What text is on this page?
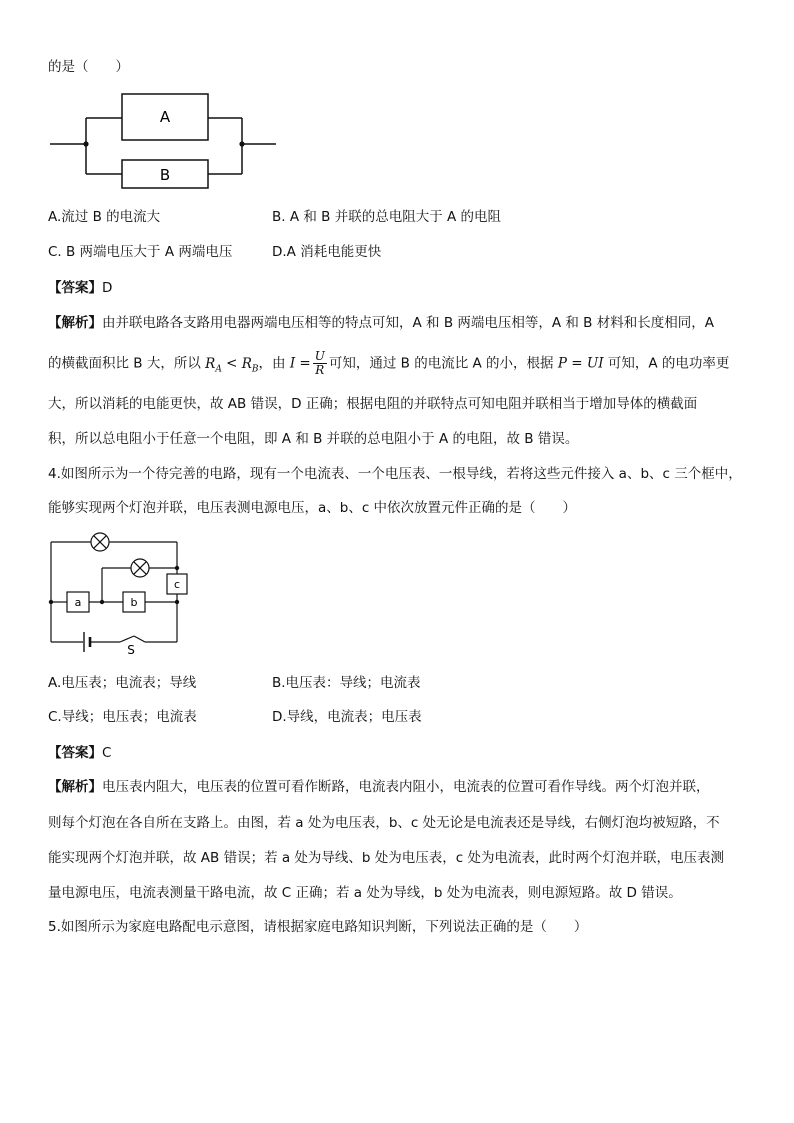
的是（　　）
A
B
A.流过 B 的电流大	B. A 和 B 并联的总电阻大于 A 的电阻
C. B 两端电压大于 A 两端电压	D.A 消耗电能更快
【答案】D
【解析】由并联电路各支路用电器两端电压相等的特点可知，A 和 B 两端电压相等，A 和 B 材料和长度相同，A
的横截面积比 B 大，所以 $R_A < R_B$，由 $I = \frac{U}{R}$ 可知，通过 B 的电流比 A 的小，根据 P = UI 可知，A 的电功率更
大，所以消耗的电能更快，故 AB 错误，D 正确；根据电阻的并联特点可知电阻并联相当于增加导体的横截面
积，所以总电阻小于任意一个电阻，即 A 和 B 并联的总电阻小于 A 的电阻，故 B 错误。
4.如图所示为一个待完善的电路，现有一个电流表、一个电压表、一根导线，若将这些元件接入 a、b、c 三个框中，
能够实现两个灯泡并联，电压表测电源电压，a、b、c 中依次放置元件正确的是（　　）
a	b
c
S
A.电压表；电流表；导线	B.电压表：导线；电流表
C.导线；电压表；电流表	D.导线，电流表；电压表
【答案】C
【解析】电压表内阻大，电压表的位置可看作断路，电流表内阻小，电流表的位置可看作导线。两个灯泡并联，
则每个灯泡在各自所在支路上。由图，若 a 处为电压表，b、c 处无论是电流表还是导线，右侧灯泡均被短路，不
能实现两个灯泡并联，故 AB 错误；若 a 处为导线、b 处为电压表，c 处为电流表，此时两个灯泡并联，电压表测
量电源电压，电流表测量干路电流，故 C 正确；若 a 处为导线，b 处为电流表，则电源短路。故 D 错误。
5.如图所示为家庭电路配电示意图，请根据家庭电路知识判断，下列说法正确的是（　　）
